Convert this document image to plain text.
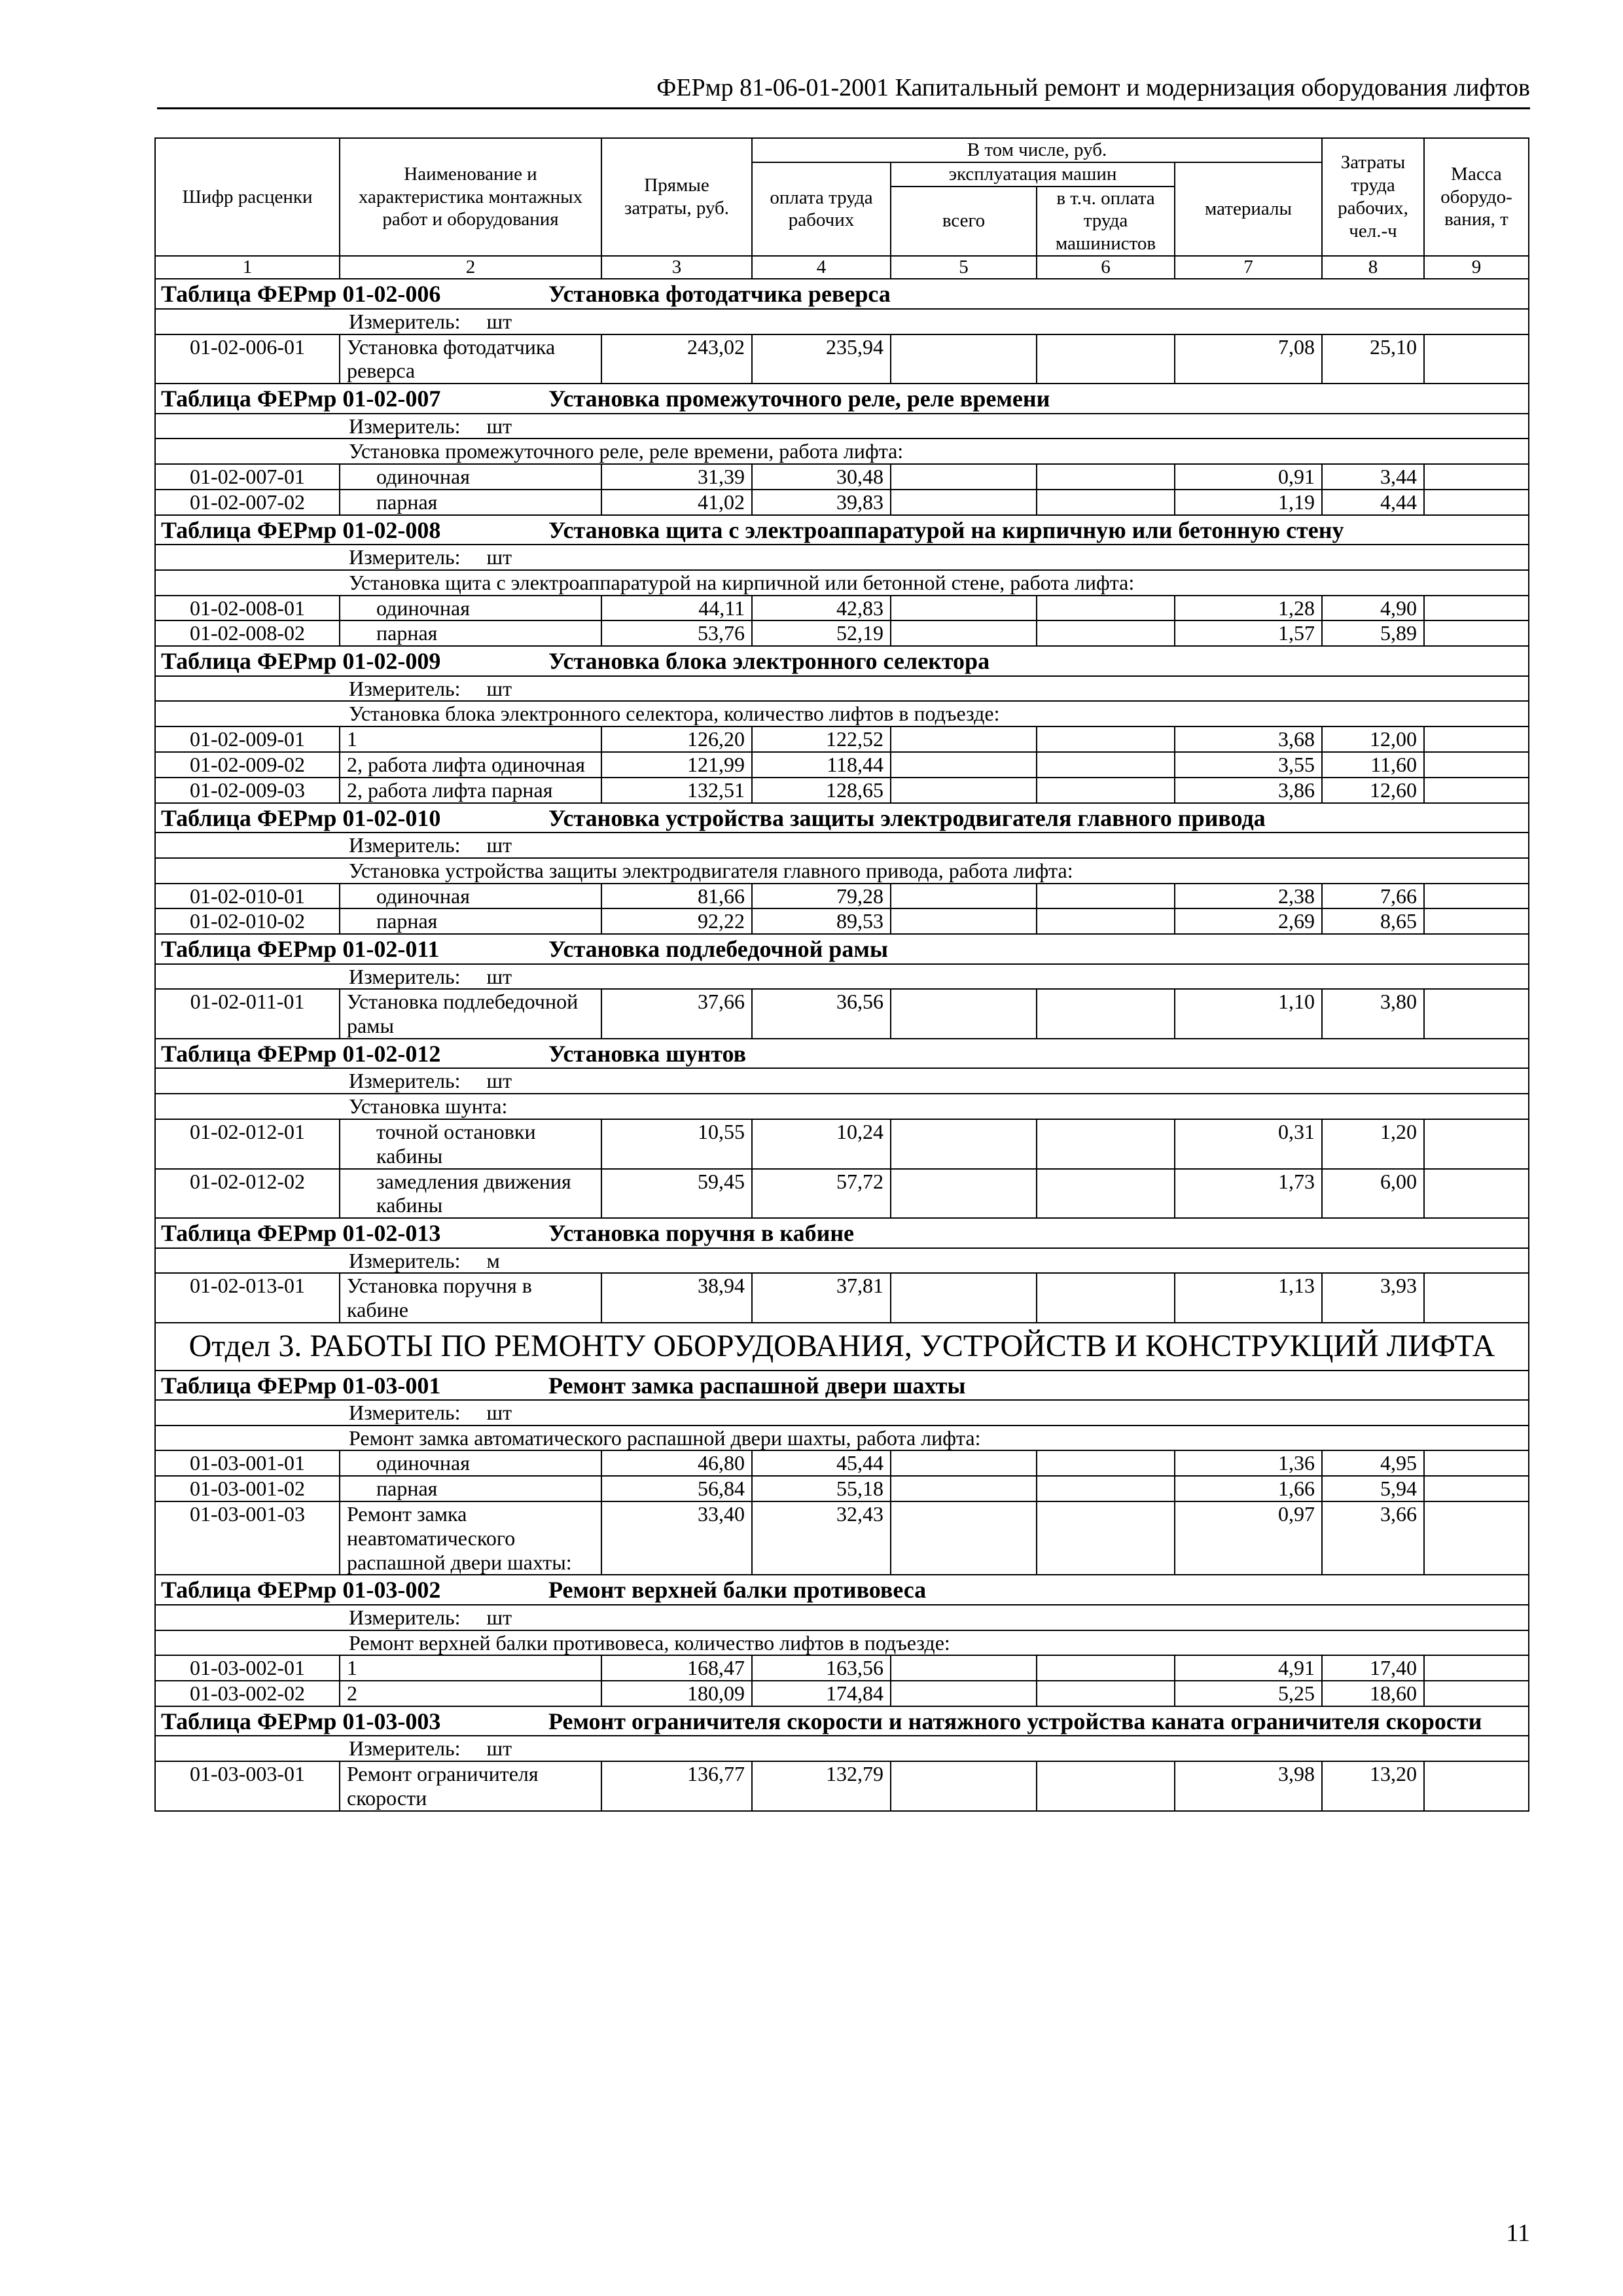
ФЕРмр 81-06-01-2001 Капитальный ремонт и модернизация оборудования лифтов
Шифр расценки	Наименование и характеристика монтажных работ и оборудования	Прямые затраты, руб.	В том числе, руб.				Затраты труда рабочих, чел.-ч	Масса оборудо-вания, т
			оплата труда рабочих	эксплуатация машин		материалы		
				всего	в т.ч. оплата труда машинистов			

1	2	3	4	5	6	7	8	9
Таблица ФЕРмр 01-02-006 Установка фотодатчика реверса								
Измеритель: шт								
01-02-006-01	Установка фотодатчика реверса	243,02	235,94			7,08	25,10	
Таблица ФЕРмр 01-02-007 Установка промежуточного реле, реле времени								
Измеритель: шт								
Установка промежуточного реле, реле времени, работа лифта:								
01-02-007-01	одиночная	31,39	30,48			0,91	3,44	
01-02-007-02	парная	41,02	39,83			1,19	4,44	
Таблица ФЕРмр 01-02-008 Установка щита с электроаппаратурой на кирпичную или бетонную стену								
Измеритель: шт								
Установка щита с электроаппаратурой на кирпичной или бетонной стене, работа лифта:								
01-02-008-01	одиночная	44,11	42,83			1,28	4,90	
01-02-008-02	парная	53,76	52,19			1,57	5,89	
Таблица ФЕРмр 01-02-009 Установка блока электронного селектора								
Измеритель: шт								
Установка блока электронного селектора, количество лифтов в подъезде:								
01-02-009-01	1	126,20	122,52			3,68	12,00	
01-02-009-02	2, работа лифта одиночная	121,99	118,44			3,55	11,60	
01-02-009-03	2, работа лифта парная	132,51	128,65			3,86	12,60	
Таблица ФЕРмр 01-02-010 Установка устройства защиты электродвигателя главного привода								
Измеритель: шт								
Установка устройства защиты электродвигателя главного привода, работа лифта:								
01-02-010-01	одиночная	81,66	79,28			2,38	7,66	
01-02-010-02	парная	92,22	89,53			2,69	8,65	
Таблица ФЕРмр 01-02-011 Установка подлебедочной рамы								
Измеритель: шт								
01-02-011-01	Установка подлебедочной рамы	37,66	36,56			1,10	3,80	
Таблица ФЕРмр 01-02-012 Установка шунтов								
Измеритель: шт								
Установка шунта:								
01-02-012-01	точной остановки кабины	10,55	10,24			0,31	1,20	
01-02-012-02	замедления движения кабины	59,45	57,72			1,73	6,00	
Таблица ФЕРмр 01-02-013 Установка поручня в кабине								
Измеритель: м								
01-02-013-01	Установка поручня в кабине	38,94	37,81			1,13	3,93	
Отдел 3. РАБОТЫ ПО РЕМОНТУ ОБОРУДОВАНИЯ, УСТРОЙСТВ И КОНСТРУКЦИЙ ЛИФТА								
Таблица ФЕРмр 01-03-001 Ремонт замка распашной двери шахты								
Измеритель: шт								
Ремонт замка автоматического распашной двери шахты, работа лифта:								
01-03-001-01	одиночная	46,80	45,44			1,36	4,95	
01-03-001-02	парная	56,84	55,18			1,66	5,94	
01-03-001-03	Ремонт замка неавтоматического распашной двери шахты:	33,40	32,43			0,97	3,66	
Таблица ФЕРмр 01-03-002 Ремонт верхней балки противовеса								
Измеритель: шт								
Ремонт верхней балки противовеса, количество лифтов в подъезде:								
01-03-002-01	1	168,47	163,56			4,91	17,40	
01-03-002-02	2	180,09	174,84			5,25	18,60	
Таблица ФЕРмр 01-03-003 Ремонт ограничителя скорости и натяжного устройства каната ограничителя скорости								
Измеритель: шт								
01-03-003-01	Ремонт ограничителя скорости	136,77	132,79			3,98	13,20	
11
